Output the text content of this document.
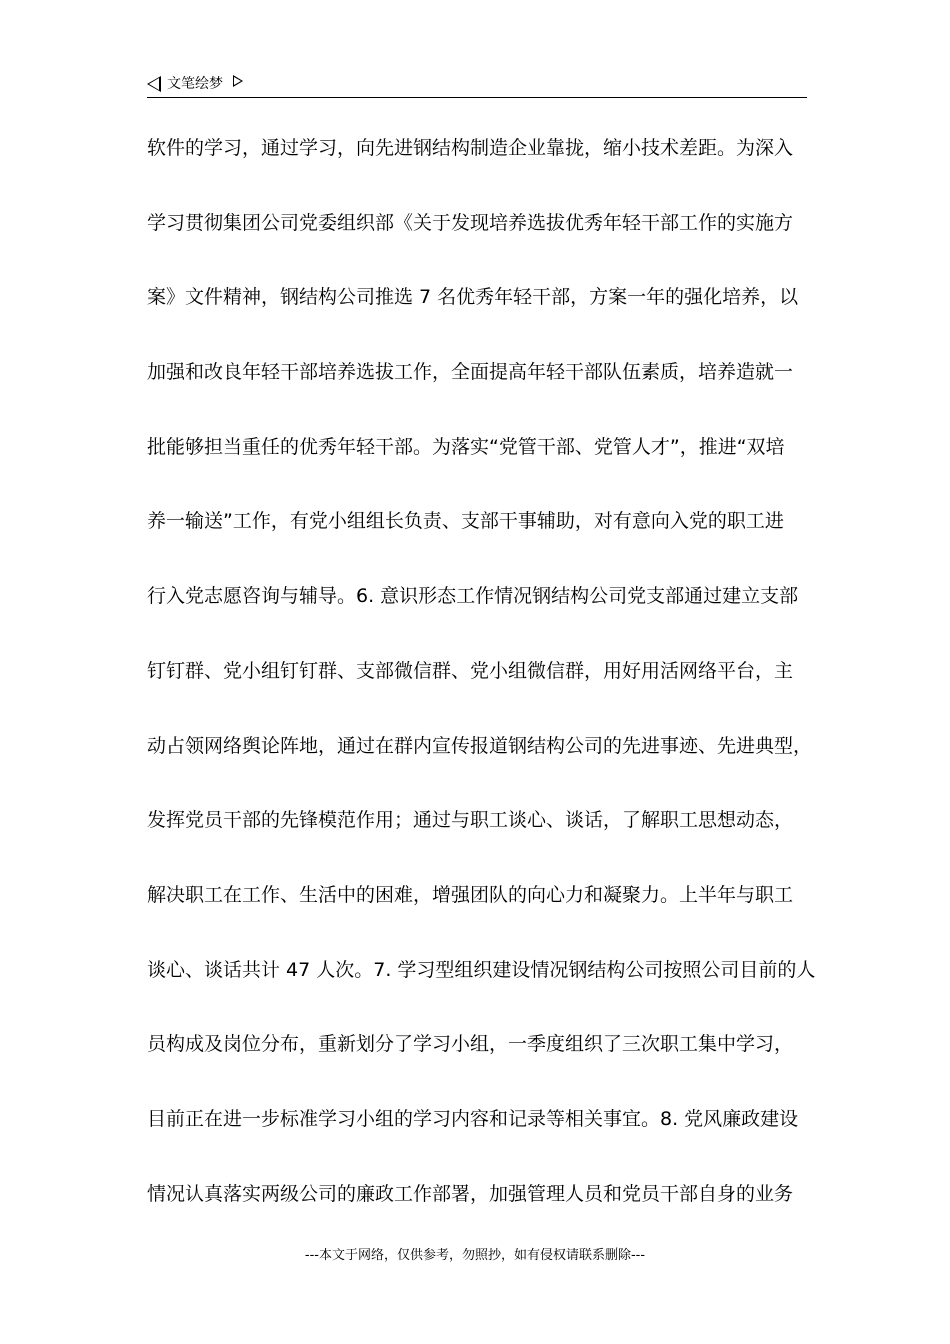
文笔绘梦
软件的学习，通过学习，向先进钢结构制造企业靠拢，缩小技术差距。为深入
学习贯彻集团公司党委组织部《关于发现培养选拔优秀年轻干部工作的实施方
案》文件精神，钢结构公司推选 7 名优秀年轻干部，方案一年的强化培养，以
加强和改良年轻干部培养选拔工作，全面提高年轻干部队伍素质，培养造就一
批能够担当重任的优秀年轻干部。为落实“党管干部、党管人才”，推进“双培
养一输送”工作，有党小组组长负责、支部干事辅助，对有意向入党的职工进
行入党志愿咨询与辅导。6. 意识形态工作情况钢结构公司党支部通过建立支部
钉钉群、党小组钉钉群、支部微信群、党小组微信群，用好用活网络平台，主
动占领网络舆论阵地，通过在群内宣传报道钢结构公司的先进事迹、先进典型，
发挥党员干部的先锋模范作用；通过与职工谈心、谈话，了解职工思想动态，
解决职工在工作、生活中的困难，增强团队的向心力和凝聚力。上半年与职工
谈心、谈话共计 47 人次。7. 学习型组织建设情况钢结构公司按照公司目前的人
员构成及岗位分布，重新划分了学习小组，一季度组织了三次职工集中学习，
目前正在进一步标准学习小组的学习内容和记录等相关事宜。8. 党风廉政建设
情况认真落实两级公司的廉政工作部署，加强管理人员和党员干部自身的业务
---本文于网络，仅供参考，勿照抄，如有侵权请联系删除---
